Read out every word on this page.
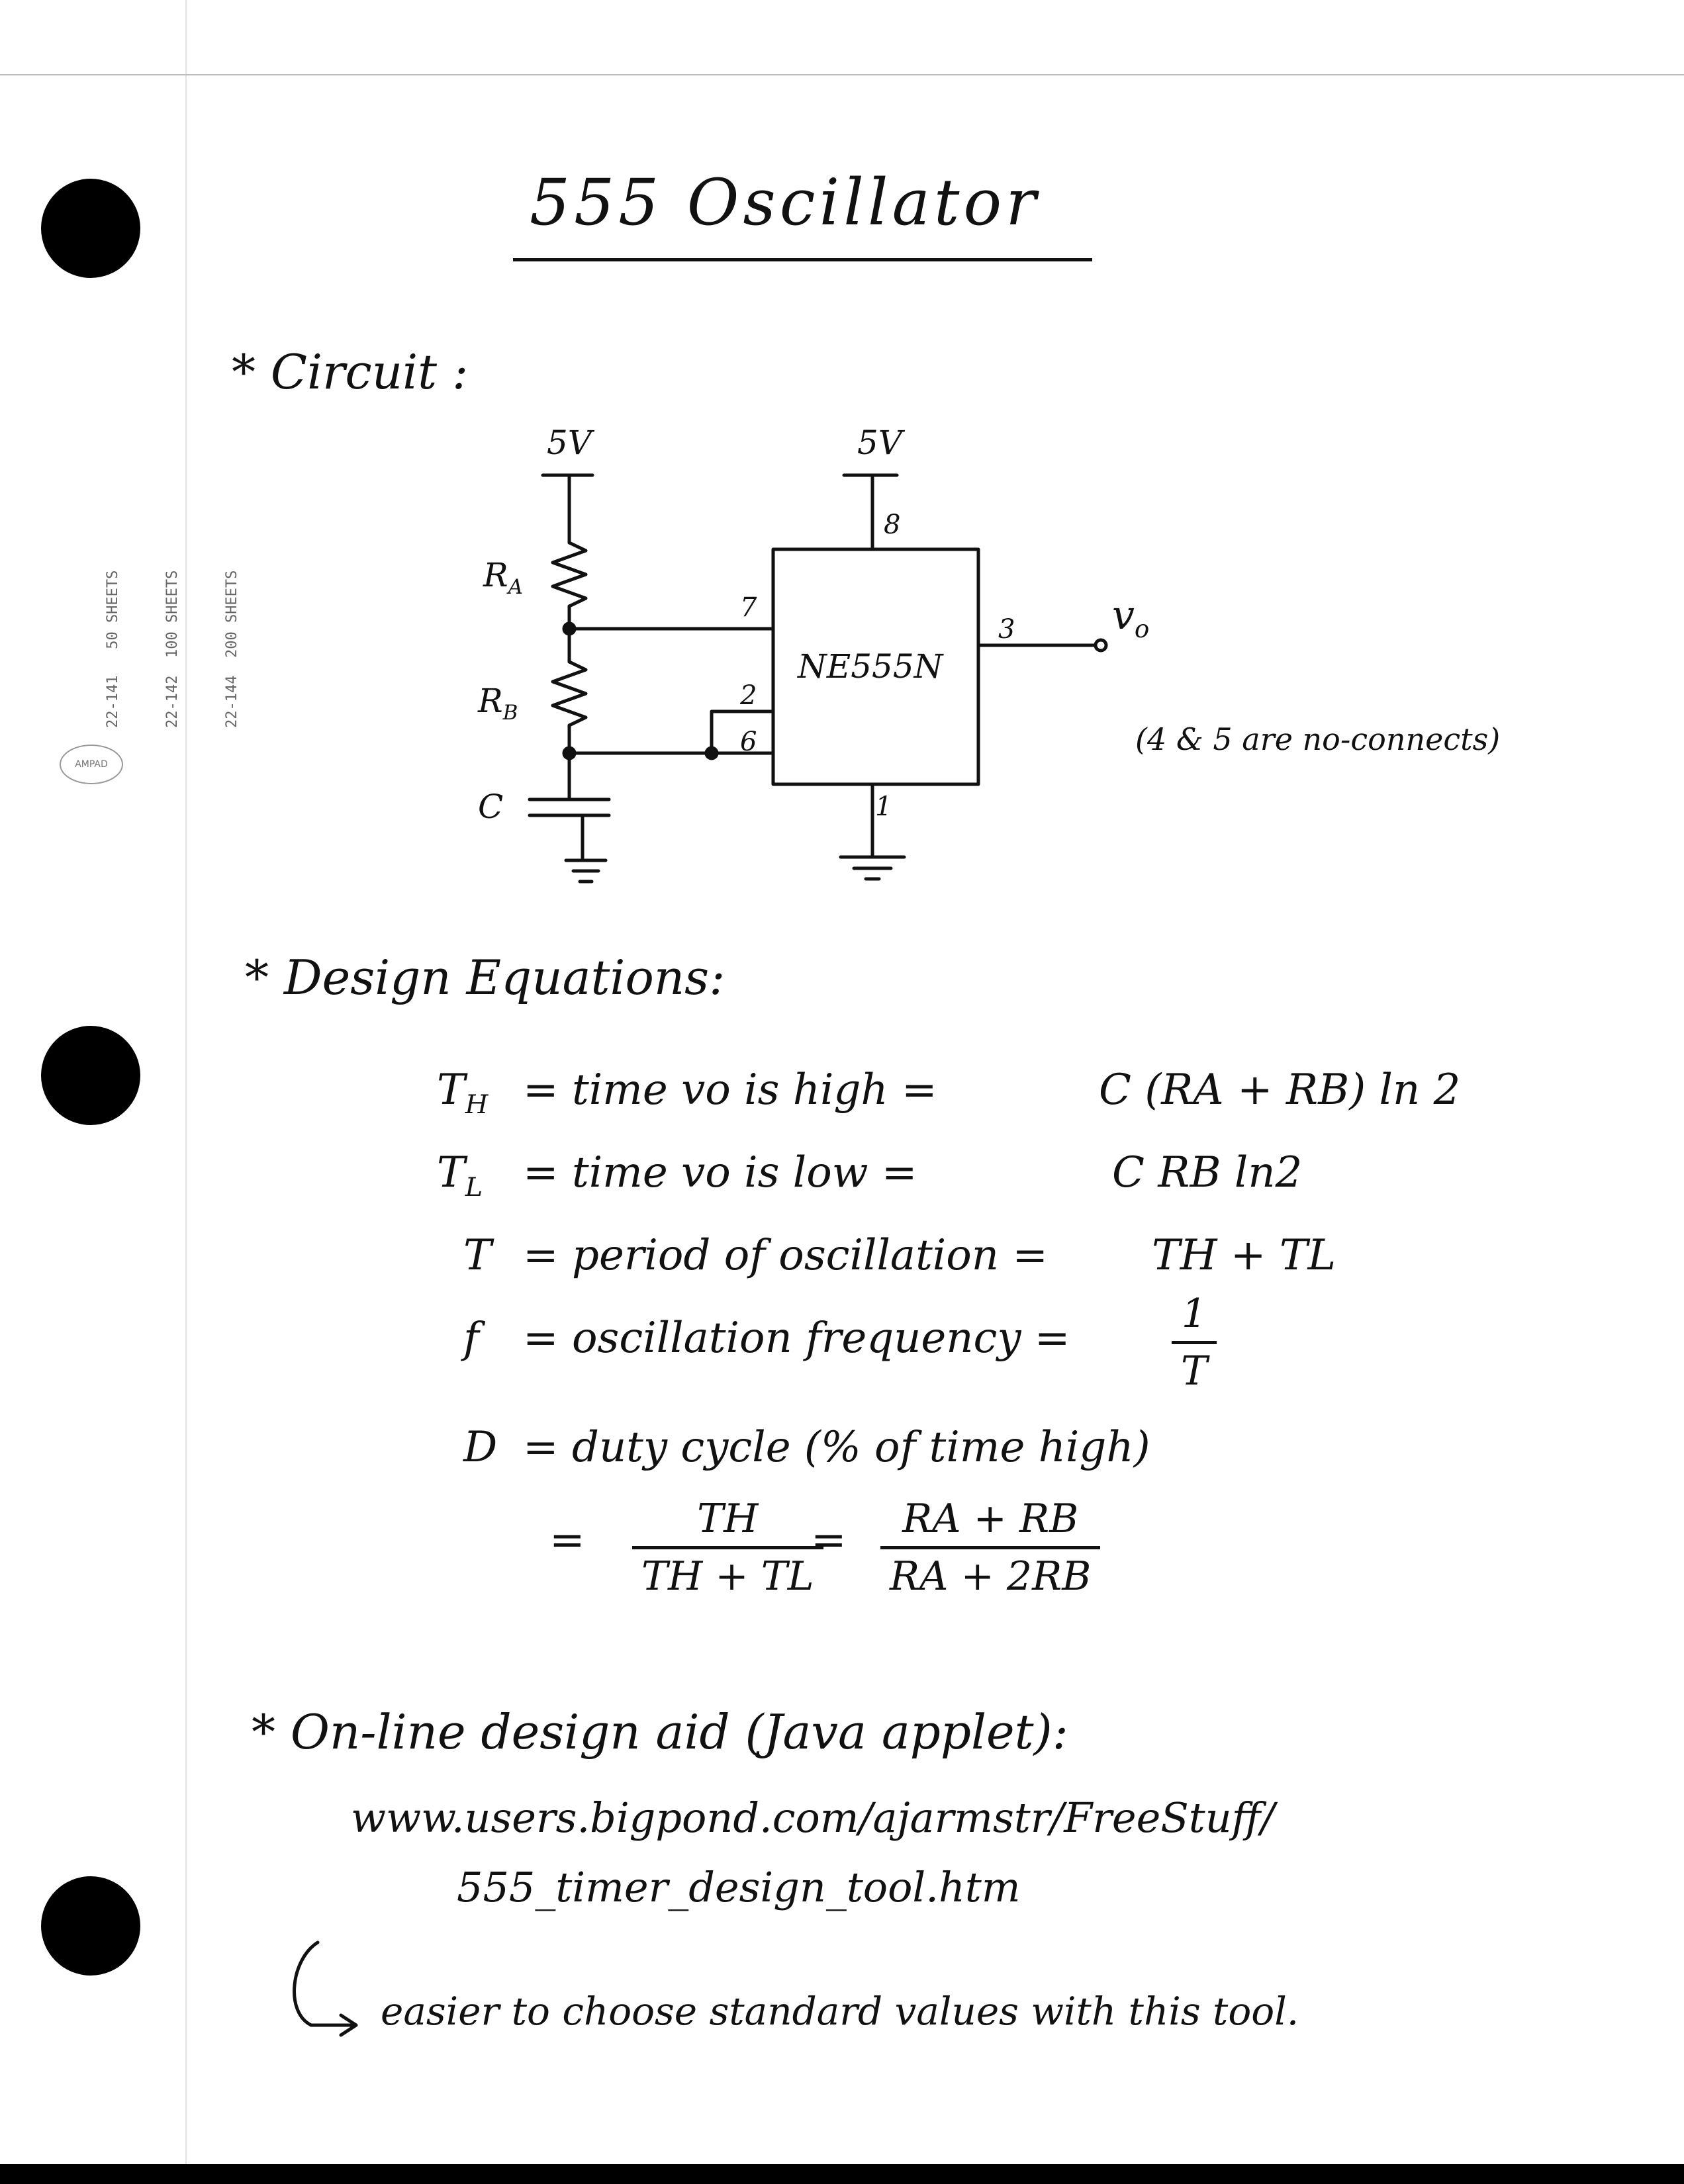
22-141   50 SHEETS

	22-142  100 SHEETS

	22-144  200 SHEETS

AMPAD
555 Oscillator
* Circuit :
5V	5V
$R_A$
$R_B$
C
NE555N
7
8
3
2
6
1
$v_o$
(4 & 5 are no-connects)
* Design Equations:
$T_H$ = time vo is high =	C (RA + RB) ln 2
$T_L$ = time vo is low =	C RB ln2
T = period of oscillation = TH + TL
f = oscillation frequency =	$\frac{1}{T}$
D = duty cycle (% of time high)
= $\frac{TH}{TH + TL}$
= $\frac{RA + RB}{RA + 2RB}$
* On-line design aid (Java applet):
www.users.bigpond.com/ajarmstr/FreeStuff/
555_timer_design_tool.htm
easier to choose standard values with this tool.
